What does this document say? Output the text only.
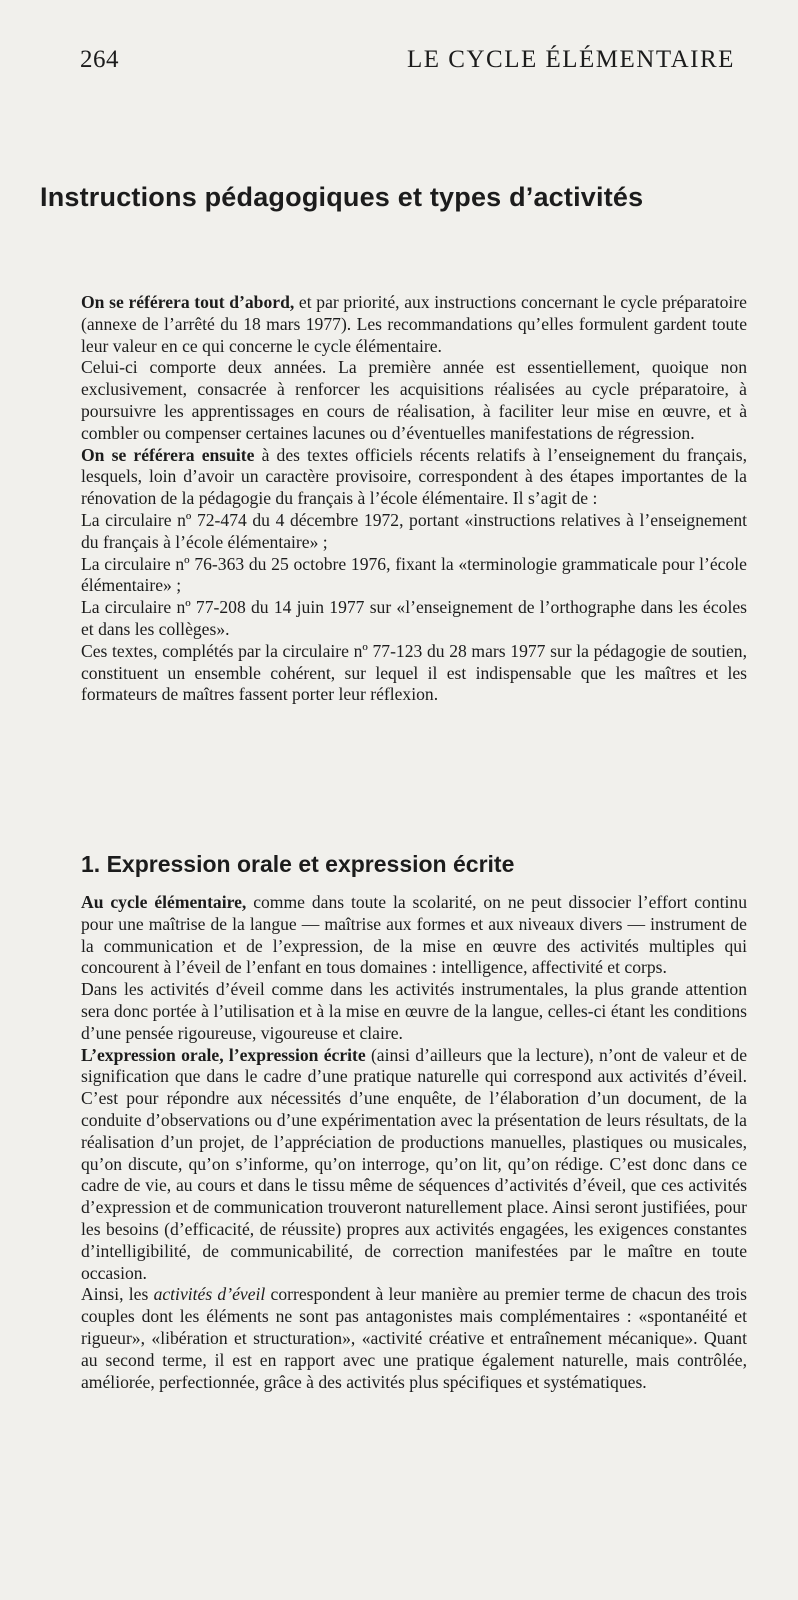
264	LE CYCLE ÉLÉMENTAIRE
Instructions pédagogiques et types d’activités

On se référera tout d’abord, et par priorité, aux instructions concernant le cycle préparatoire (annexe de l’arrêté du 18 mars 1977). Les recommandations qu’elles formulent gardent toute leur valeur en ce qui concerne le cycle élémentaire.

Celui-ci comporte deux années. La première année est essentiellement, quoique non exclusivement, consacrée à renforcer les acquisitions réalisées au cycle préparatoire, à poursuivre les apprentissages en cours de réalisation, à faciliter leur mise en œuvre, et à combler ou compenser certaines lacunes ou d’éventuelles manifestations de régression.

On se référera ensuite à des textes officiels récents relatifs à l’enseignement du français, lesquels, loin d’avoir un caractère provisoire, correspondent à des étapes importantes de la rénovation de la pédagogie du français à l’école élémentaire. Il s’agit de :

La circulaire nº 72-474 du 4 décembre 1972, portant «instructions relatives à l’enseignement du français à l’école élémentaire» ;

La circulaire nº 76-363 du 25 octobre 1976, fixant la «terminologie grammaticale pour l’école élémentaire» ;

La circulaire nº 77-208 du 14 juin 1977 sur «l’enseignement de l’orthographe dans les écoles et dans les collèges».

Ces textes, complétés par la circulaire nº 77-123 du 28 mars 1977 sur la pédagogie de soutien, constituent un ensemble cohérent, sur lequel il est indispensable que les maîtres et les formateurs de maîtres fassent porter leur réflexion.

1. Expression orale et expression écrite

Au cycle élémentaire, comme dans toute la scolarité, on ne peut dissocier l’effort continu pour une maîtrise de la langue — maîtrise aux formes et aux niveaux divers — instrument de la communication et de l’expression, de la mise en œuvre des activités multiples qui concourent à l’éveil de l’enfant en tous domaines : intelligence, affectivité et corps.

Dans les activités d’éveil comme dans les activités instrumentales, la plus grande attention sera donc portée à l’utilisation et à la mise en œuvre de la langue, celles-ci étant les conditions d’une pensée rigoureuse, vigoureuse et claire.

L’expression orale, l’expression écrite (ainsi d’ailleurs que la lecture), n’ont de valeur et de signification que dans le cadre d’une pratique naturelle qui correspond aux activités d’éveil. C’est pour répondre aux nécessités d’une enquête, de l’élaboration d’un document, de la conduite d’observations ou d’une expérimentation avec la présentation de leurs résultats, de la réalisation d’un projet, de l’appréciation de productions manuelles, plastiques ou musicales, qu’on discute, qu’on s’informe, qu’on interroge, qu’on lit, qu’on rédige. C’est donc dans ce cadre de vie, au cours et dans le tissu même de séquences d’activités d’éveil, que ces activités d’expression et de communication trouveront naturellement place. Ainsi seront justifiées, pour les besoins (d’efficacité, de réussite) propres aux activités engagées, les exigences constantes d’intelligibilité, de communicabilité, de correction manifestées par le maître en toute occasion.

Ainsi, les activités d’éveil correspondent à leur manière au premier terme de chacun des trois couples dont les éléments ne sont pas antagonistes mais complémentaires : «spontanéité et rigueur», «libération et structuration», «activité créative et entraînement mécanique». Quant au second terme, il est en rapport avec une pratique également naturelle, mais contrôlée, améliorée, perfectionnée, grâce à des activités plus spécifiques et systématiques.
